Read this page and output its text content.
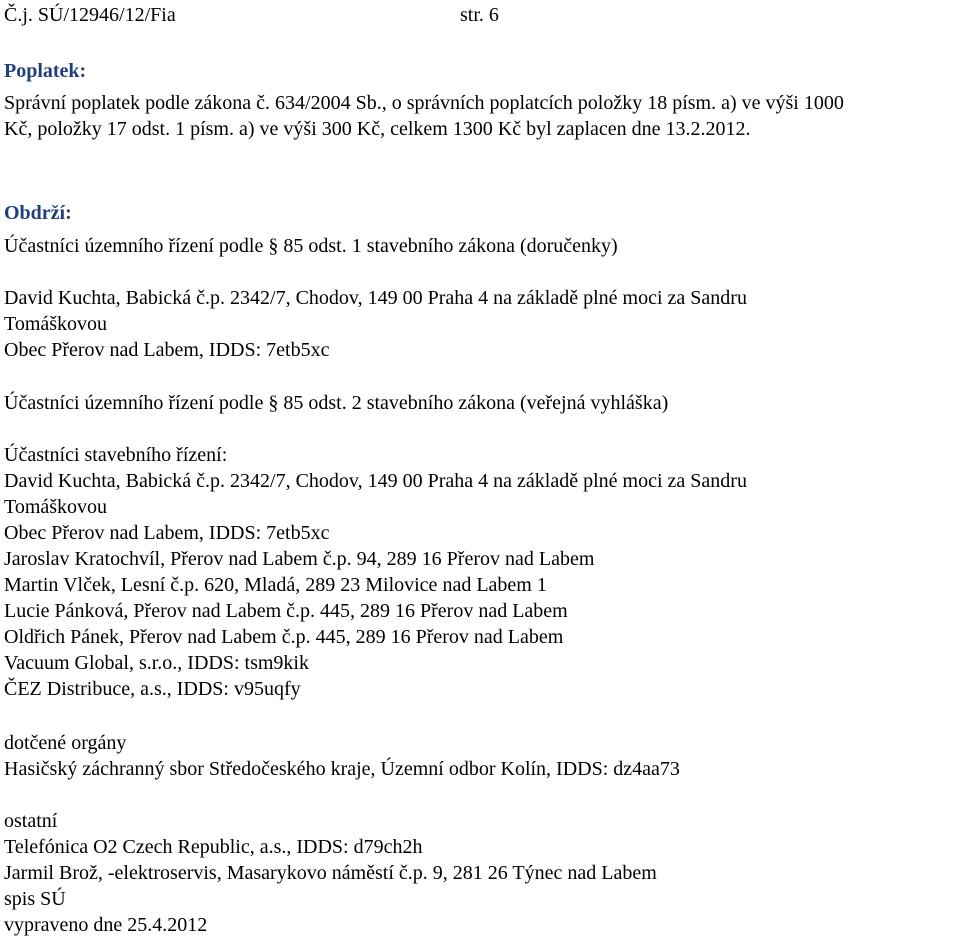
Č.j. SÚ/12946/12/Fia	str. 6
Poplatek:
Správní poplatek podle zákona č. 634/2004 Sb., o správních poplatcích položky 18 písm. a) ve výši 1000
Kč, položky 17 odst. 1 písm. a) ve výši 300 Kč, celkem 1300 Kč byl zaplacen dne 13.2.2012.
Obdrží:
Účastníci územního řízení podle § 85 odst. 1 stavebního zákona (doručenky)
David Kuchta, Babická č.p. 2342/7, Chodov, 149 00 Praha 4 na základě plné moci za Sandru
Tomáškovou
Obec Přerov nad Labem, IDDS: 7etb5xc
Účastníci územního řízení podle § 85 odst. 2 stavebního zákona (veřejná vyhláška)
Účastníci stavebního řízení:
David Kuchta, Babická č.p. 2342/7, Chodov, 149 00 Praha 4 na základě plné moci za Sandru
Tomáškovou
Obec Přerov nad Labem, IDDS: 7etb5xc
Jaroslav Kratochvíl, Přerov nad Labem č.p. 94, 289 16 Přerov nad Labem
Martin Vlček, Lesní č.p. 620, Mladá, 289 23 Milovice nad Labem 1
Lucie Pánková, Přerov nad Labem č.p. 445, 289 16 Přerov nad Labem
Oldřich Pánek, Přerov nad Labem č.p. 445, 289 16 Přerov nad Labem
Vacuum Global, s.r.o., IDDS: tsm9kik
ČEZ Distribuce, a.s., IDDS: v95uqfy
dotčené orgány
Hasičský záchranný sbor Středočeského kraje, Územní odbor Kolín, IDDS: dz4aa73
ostatní
Telefónica O2 Czech Republic, a.s., IDDS: d79ch2h
Jarmil Brož, -elektroservis, Masarykovo náměstí č.p. 9, 281 26 Týnec nad Labem
spis SÚ
vypraveno dne 25.4.2012
